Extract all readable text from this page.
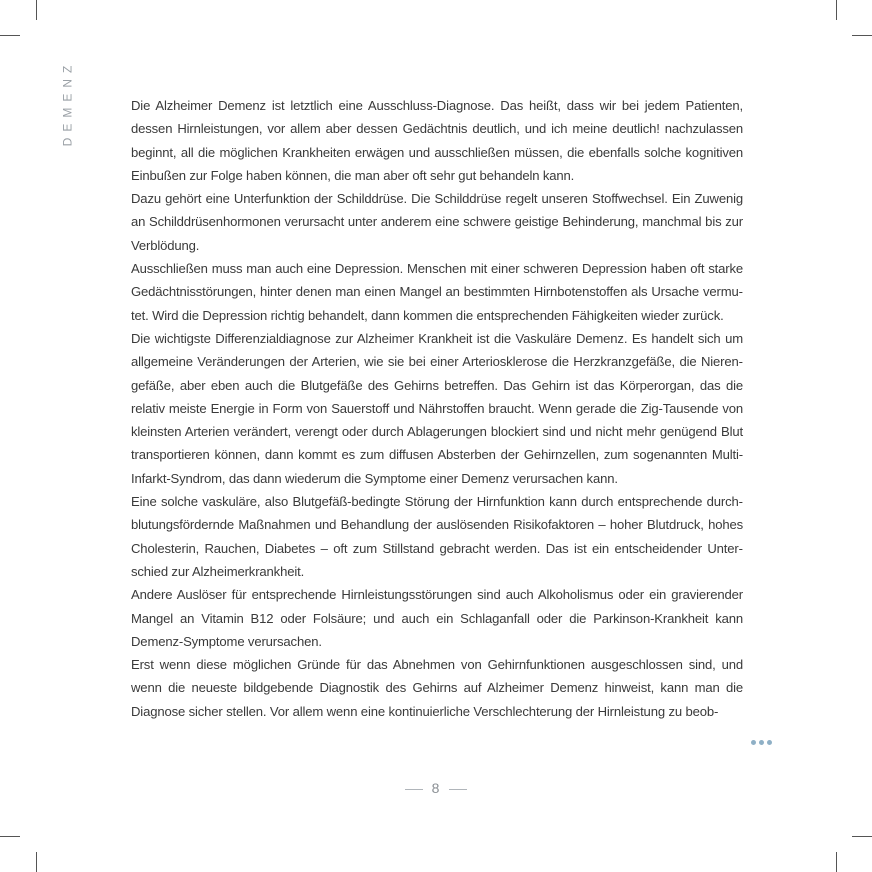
DEMENZ	Die Alzheimer Demenz ist letztlich eine Ausschluss-Diagnose. Das heißt, dass wir bei jedem Patienten, dessen Hirnleistungen, vor allem aber dessen Gedächtnis deutlich, und ich meine deutlich! nachzulassen beginnt, all die möglichen Krankheiten erwägen und ausschließen müssen, die ebenfalls solche kognitiven Einbußen zur Folge haben können, die man aber oft sehr gut behandeln kann.

Dazu gehört eine Unterfunktion der Schilddrüse. Die Schilddrüse regelt unseren Stoffwechsel. Ein Zuwenig an Schilddrüsenhormonen verursacht unter anderem eine schwere geistige Behinderung, manchmal bis zur Verblödung.

Ausschließen muss man auch eine Depression. Menschen mit einer schweren Depression haben oft starke Gedächtnisstörungen, hinter denen man einen Mangel an bestimmten Hirnbotenstoffen als Ursache vermutet. Wird die Depression richtig behandelt, dann kommen die entsprechenden Fähigkeiten wieder zurück.

Die wichtigste Differenzialdiagnose zur Alzheimer Krankheit ist die Vaskuläre Demenz. Es handelt sich um allgemeine Veränderungen der Arterien, wie sie bei einer Arteriosklerose die Herzkranzgefäße, die Nierengefäße, aber eben auch die Blutgefäße des Gehirns betreffen. Das Gehirn ist das Körperorgan, das die relativ meiste Energie in Form von Sauerstoff und Nährstoffen braucht. Wenn gerade die Zig-Tausende von kleinsten Arterien verändert, verengt oder durch Ablagerungen blockiert sind und nicht mehr genügend Blut transportieren können, dann kommt es zum diffusen Absterben der Gehirnzellen, zum sogenannten Multi-Infarkt-Syndrom, das dann wiederum die Symptome einer Demenz verursachen kann.

Eine solche vaskuläre, also Blutgefäß-bedingte Störung der Hirnfunktion kann durch entsprechende durchblutungsfördernde Maßnahmen und Behandlung der auslösenden Risikofaktoren – hoher Blutdruck, hohes Cholesterin, Rauchen, Diabetes – oft zum Stillstand gebracht werden. Das ist ein entscheidender Unterschied zur Alzheimerkrankheit.

Andere Auslöser für entsprechende Hirnleistungsstörungen sind auch Alkoholismus oder ein gravierender Mangel an Vitamin B12 oder Folsäure; und auch ein Schlaganfall oder die Parkinson-Krankheit kann Demenz-Symptome verursachen.

Erst wenn diese möglichen Gründe für das Abnehmen von Gehirnfunktionen ausgeschlossen sind, und wenn die neueste bildgebende Diagnostik des Gehirns auf Alzheimer Demenz hinweist, kann man die Diagnose sicher stellen. Vor allem wenn eine kontinuierliche Verschlechterung der Hirnleistung zu beob-

8
